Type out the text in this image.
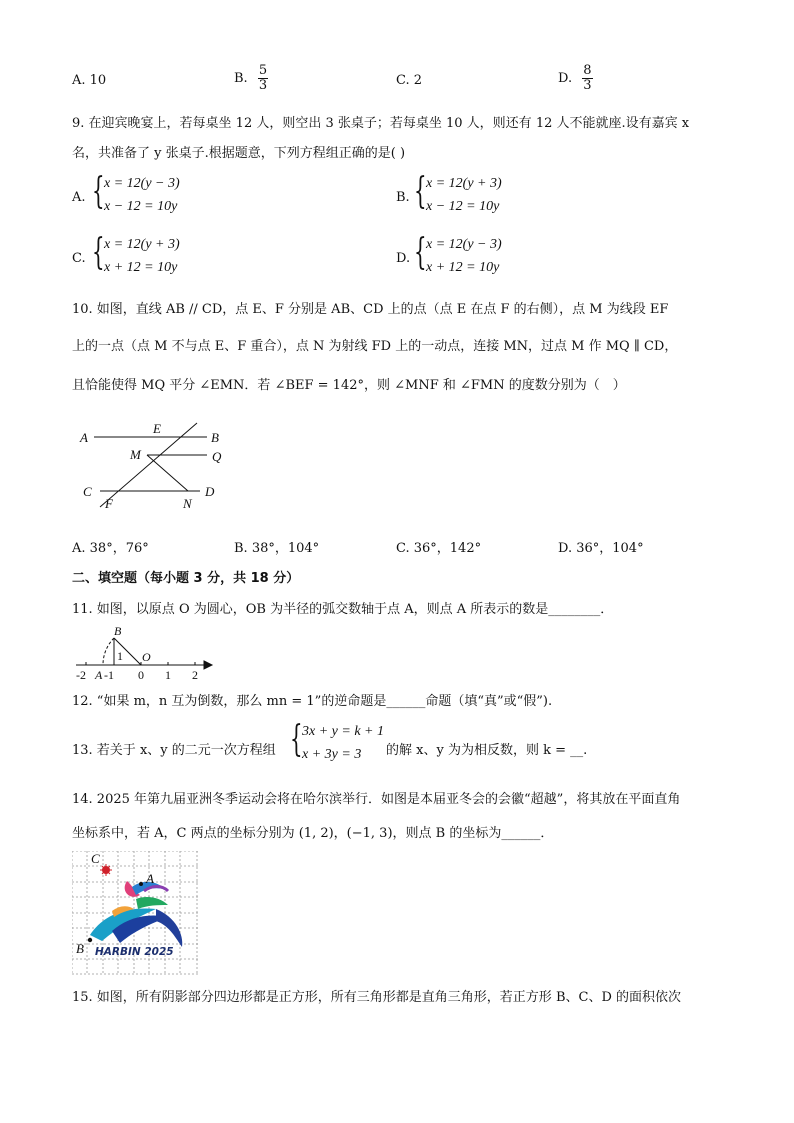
A. 10	B. $\frac{5}{3}$	C. 2	D. $\frac{8}{3}$
9. 在迎宾晚宴上，若每桌坐 12 人，则空出 3 张桌子；若每桌坐 10 人，则还有 12 人不能就座.设有嘉宾 x
名，共准备了 y 张桌子.根据题意，下列方程组正确的是( )
A. { x = 12(y − 3)
x − 12 = 10y
B. { x = 12(y + 3)
x − 12 = 10y
C. { x = 12(y + 3)
x + 12 = 10y
D. { x = 12(y − 3)
x + 12 = 10y
10. 如图，直线 AB // CD，点 E、F 分别是 AB、CD 上的点（点 E 在点 F 的右侧），点 M 为线段 EF
上的一点（点 M 不与点 E、F 重合），点 N 为射线 FD 上的一动点，连接 MN，过点 M 作 MQ ∥ CD，
且恰能使得 MQ 平分 ∠EMN．若 ∠BEF = 142°，则 ∠MNF 和 ∠FMN 的度数分别为（　）
A	B
E
M	Q
C	D
F	N
A. 38°，76°	B. 38°，104°	C. 36°，142°	D. 36°，104°
二、填空题（每小题 3 分，共 18 分）
11. 如图，以原点 O 为圆心，OB 为半径的弧交数轴于点 A，则点 A 所表示的数是________．
B
1 O
-2 A -1 0 1 2
12. “如果 m，n 互为倒数，那么 mn = 1”的逆命题是______命题（填“真”或“假”).
13. 若关于 x、y 的二元一次方程组 { 3x + y = k + 1
x + 3y = 3 的解 x、y 为为相反数，则 k = __.
14. 2025 年第九届亚洲冬季运动会将在哈尔滨举行．如图是本届亚冬会的会徽“超越”，将其放在平面直角
坐标系中，若 A，C 两点的坐标分别为 (1, 2)，(−1, 3)，则点 B 的坐标为______．
HARBIN 2025
C
A
B
15. 如图，所有阴影部分四边形都是正方形，所有三角形都是直角三角形，若正方形 B、C、D 的面积依次
